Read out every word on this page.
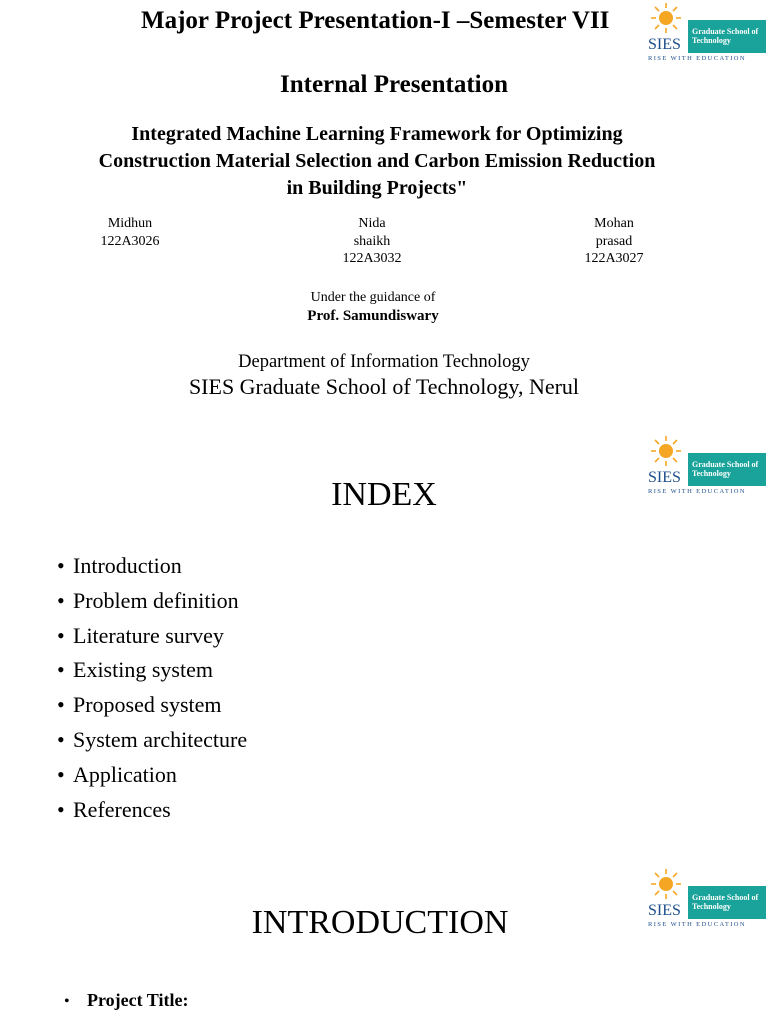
SIES
Graduate School of
Technology
RISE WITH EDUCATION
Major Project Presentation-I –Semester VII
Internal Presentation
Integrated Machine Learning Framework for Optimizing Construction Material Selection and Carbon Emission Reduction in Building Projects"
Midhun
122A3026
Nida
shaikh
122A3032
Mohan
prasad
122A3027
Under the guidance of
Prof. Samundiswary
Department of Information Technology
SIES Graduate School of Technology, Nerul
SIES
Graduate School of
Technology
RISE WITH EDUCATION
INDEX
• Introduction
• Problem definition
• Literature survey
• Existing system
• Proposed system
• System architecture
• Application
• References
SIES
Graduate School of
Technology
RISE WITH EDUCATION
INTRODUCTION
• Project Title:
